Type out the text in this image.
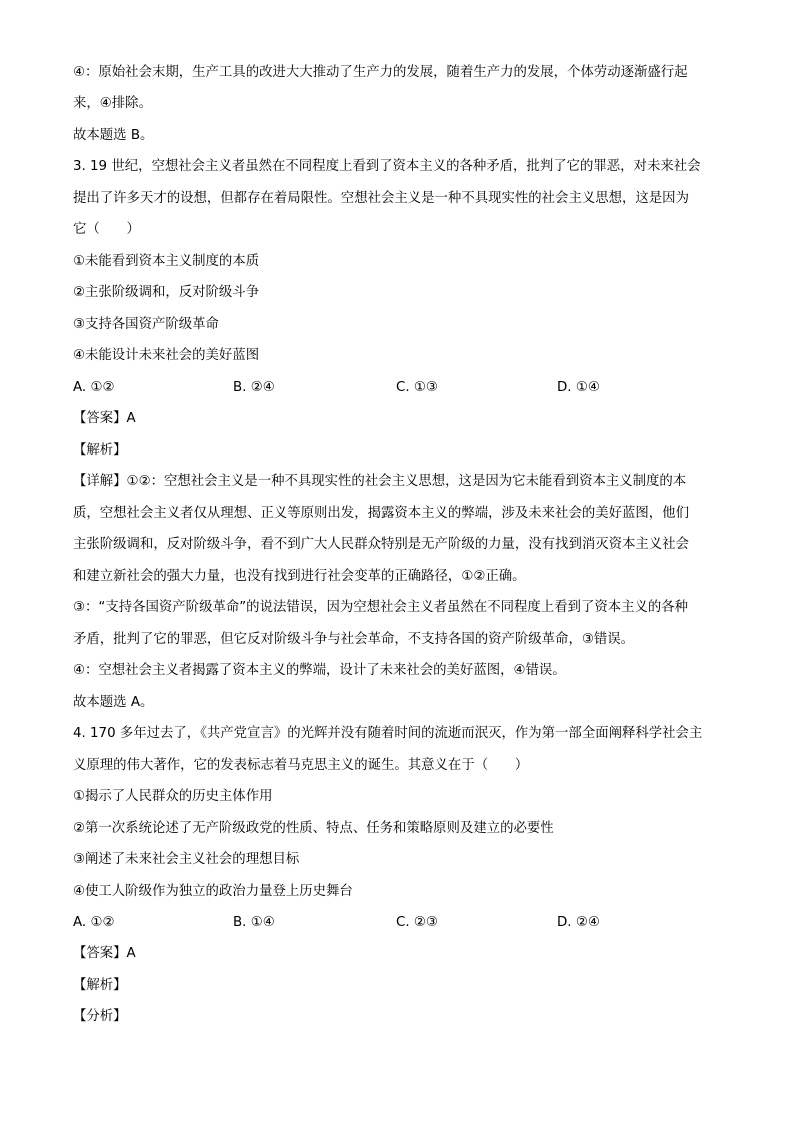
④：原始社会末期，生产工具的改进大大推动了生产力的发展，随着生产力的发展，个体劳动逐渐盛行起
来，④排除。
故本题选 B。
3. 19 世纪，空想社会主义者虽然在不同程度上看到了资本主义的各种矛盾，批判了它的罪恶，对未来社会
提出了许多天才的设想，但都存在着局限性。空想社会主义是一种不具现实性的社会主义思想，这是因为
它（　　）
①未能看到资本主义制度的本质
②主张阶级调和，反对阶级斗争
③支持各国资产阶级革命
④未能设计未来社会的美好蓝图
A. ①②	B. ②④	C. ①③	D. ①④
【答案】A
【解析】
【详解】①②：空想社会主义是一种不具现实性的社会主义思想，这是因为它未能看到资本主义制度的本
质，空想社会主义者仅从理想、正义等原则出发，揭露资本主义的弊端，涉及未来社会的美好蓝图，他们
主张阶级调和，反对阶级斗争，看不到广大人民群众特别是无产阶级的力量，没有找到消灭资本主义社会
和建立新社会的强大力量，也没有找到进行社会变革的正确路径，①②正确。
③：“支持各国资产阶级革命”的说法错误，因为空想社会主义者虽然在不同程度上看到了资本主义的各种
矛盾，批判了它的罪恶，但它反对阶级斗争与社会革命，不支持各国的资产阶级革命，③错误。
④：空想社会主义者揭露了资本主义的弊端，设计了未来社会的美好蓝图，④错误。
故本题选 A。
4. 170 多年过去了，《共产党宣言》的光辉并没有随着时间的流逝而泯灭，作为第一部全面阐释科学社会主
义原理的伟大著作，它的发表标志着马克思主义的诞生。其意义在于（　　）
①揭示了人民群众的历史主体作用
②第一次系统论述了无产阶级政党的性质、特点、任务和策略原则及建立的必要性
③阐述了未来社会主义社会的理想目标
④使工人阶级作为独立的政治力量登上历史舞台
A. ①②	B. ①④	C. ②③	D. ②④
【答案】A
【解析】
【分析】
